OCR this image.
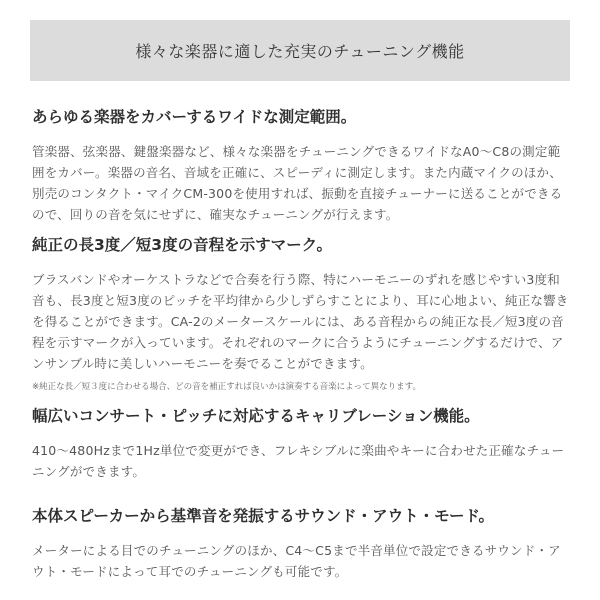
様々な楽器に適した充実のチューニング機能
あらゆる楽器をカバーするワイドな測定範囲。

管楽器、弦楽器、鍵盤楽器など、様々な楽器をチューニングできるワイドなA0〜C8の測定範囲をカバー。楽器の音名、音域を正確に、スピーディに測定します。また内蔵マイクのほか、別売のコンタクト・マイクCM-300を使用すれば、振動を直接チューナーに送ることができるので、回りの音を気にせずに、確実なチューニングが行えます。

純正の長3度／短3度の音程を示すマーク。

ブラスバンドやオーケストラなどで合奏を行う際、特にハーモニーのずれを感じやすい3度和音も、長3度と短3度のピッチを平均律から少しずらすことにより、耳に心地よい、純正な響きを得ることができます。CA-2のメータースケールには、ある音程からの純正な長／短3度の音程を示すマークが入っています。それぞれのマークに合うようにチューニングするだけで、アンサンブル時に美しいハーモニーを奏でることができます。

※純正な長／短３度に合わせる場合、どの音を補正すれば良いかは演奏する音楽によって異なります。

幅広いコンサート・ピッチに対応するキャリブレーション機能。

410〜480Hzまで1Hz単位で変更ができ、フレキシブルに楽曲やキーに合わせた正確なチューニングができます。

本体スピーカーから基準音を発振するサウンド・アウト・モード。

メーターによる目でのチューニングのほか、C4〜C5まで半音単位で設定できるサウンド・アウト・モードによって耳でのチューニングも可能です。
